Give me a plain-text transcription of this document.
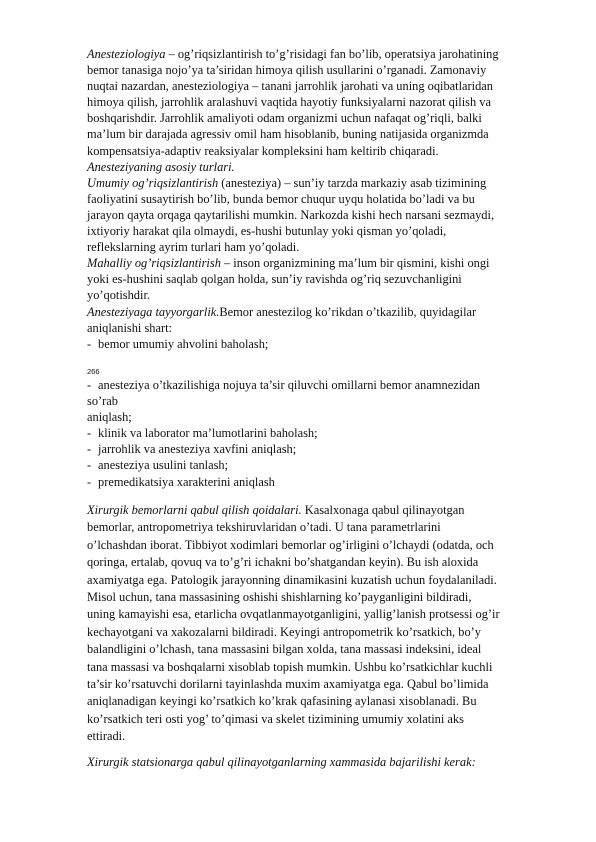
Anesteziologiya – og’riqsizlantirish to’g’risidagi fan bo’lib, operatsiya jarohatining
bemor tanasiga nojo’ya ta’siridan himoya qilish usullarini o’rganadi. Zamonaviy
nuqtai nazardan, anesteziologiya – tanani jarrohlik jarohati va uning oqibatlaridan
himoya qilish, jarrohlik aralashuvi vaqtida hayotiy funksiyalarni nazorat qilish va
boshqarishdir. Jarrohlik amaliyoti odam organizmi uchun nafaqat og’riqli, balki
ma’lum bir darajada agressiv omil ham hisoblanib, buning natijasida organizmda
kompensatsiya-adaptiv reaksiyalar kompleksini ham keltirib chiqaradi.
Anesteziyaning asosiy turlari.
Umumiy og’riqsizlantirish (anesteziya) – sun’iy tarzda markaziy asab tizimining
faoliyatini susaytirish bo’lib, bunda bemor chuqur uyqu holatida bo’ladi va bu
jarayon qayta orqaga qaytarilishi mumkin. Narkozda kishi hech narsani sezmaydi,
ixtiyoriy harakat qila olmaydi, es-hushi butunlay yoki qisman yo’qoladi,
reflekslarning ayrim turlari ham yo’qoladi.
Mahalliy og’riqsizlantirish – inson organizmining ma’lum bir qismini, kishi ongi
yoki es-hushini saqlab qolgan holda, sun’iy ravishda og’riq sezuvchanligini
yo’qotishdir.
Anesteziyaga tayyorgarlik.Bemor anestezilog ko’rikdan o’tkazilib, quyidagilar
aniqlanishi shart:
- bemor umumiy ahvolini baholash;
266
- anesteziya o’tkazilishiga nojuya ta’sir qiluvchi omillarni bemor anamnezidan
so’rab
aniqlash;
- klinik va laborator ma’lumotlarini baholash;
- jarrohlik va anesteziya xavfini aniqlash;
- anesteziya usulini tanlash;
- premedikatsiya xarakterini aniqlash
Xirurgik bemorlarni qabul qilish qoidalari. Kasalxonaga qabul qilinayotgan
bemorlar, antropometriya tekshiruvlaridan o’tadi. U tana parametrlarini
o’lchashdan iborat. Tibbiyot xodimlari bemorlar og’irligini o’lchaydi (odatda, och
qoringa, ertalab, qovuq va to’g’ri ichakni bo’shatgandan keyin). Bu ish aloxida
axamiyatga ega. Patologik jarayonning dinamikasini kuzatish uchun foydalaniladi.
Misol uchun, tana massasining oshishi shishlarning ko’payganligini bildiradi,
uning kamayishi esa, etarlicha ovqatlanmayotganligini, yallig’lanish protsessi og’ir
kechayotgani va xakozalarni bildiradi. Keyingi antropometrik ko’rsatkich, bo’y
balandligini o’lchash, tana massasini bilgan xolda, tana massasi indeksini, ideal
tana massasi va boshqalarni xisoblab topish mumkin. Ushbu ko’rsatkichlar kuchli
ta’sir ko’rsatuvchi dorilarni tayinlashda muxim axamiyatga ega. Qabul bo’limida
aniqlanadigan keyingi ko’rsatkich ko’krak qafasining aylanasi xisoblanadi. Bu
ko’rsatkich teri osti yog’ to’qimasi va skelet tizimining umumiy xolatini aks
ettiradi.
Xirurgik statsionarga qabul qilinayotganlarning xammasida bajarilishi kerak:
